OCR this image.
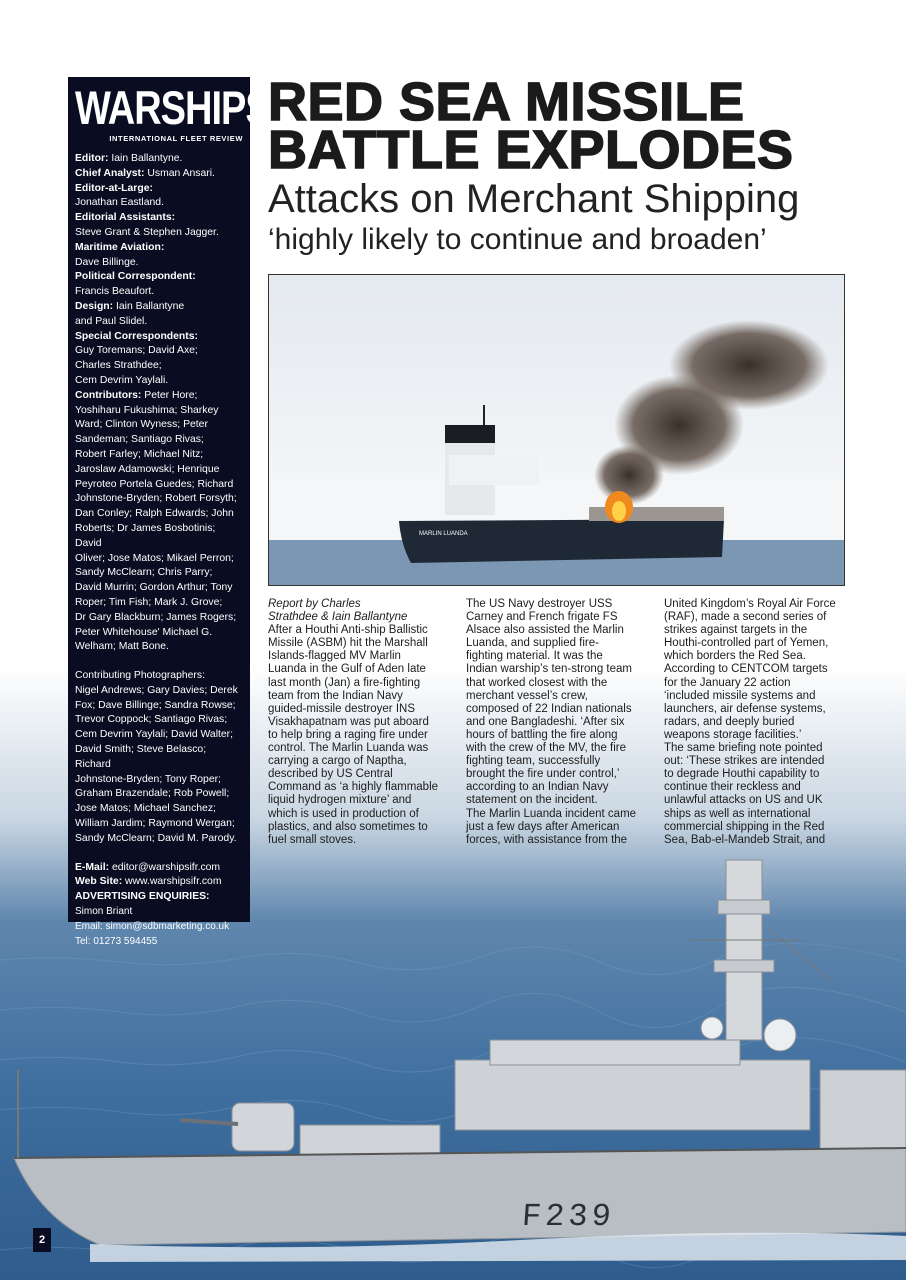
WARSHIPS
INTERNATIONAL FLEET REVIEW
Editor: Iain Ballantyne.
Chief Analyst: Usman Ansari.
Editor-at-Large:
Jonathan Eastland.
Editorial Assistants:
Steve Grant & Stephen Jagger.
Maritime Aviation:
Dave Billinge.
Political Correspondent:
Francis Beaufort.
Design: Iain Ballantyne
and Paul Slidel.
Special Correspondents:
Guy Toremans; David Axe;
Charles Strathdee;
Cem Devrim Yaylali.
Contributors: Peter Hore;
Yoshiharu Fukushima; Sharkey
Ward; Clinton Wyness; Peter
Sandeman; Santiago Rivas;
Robert Farley; Michael Nitz;
Jaroslaw Adamowski; Henrique
Peyroteo Portela Guedes; Richard
Johnstone-Bryden; Robert Forsyth;
Dan Conley; Ralph Edwards; John
Roberts; Dr James Bosbotinis; David
Oliver; Jose Matos; Mikael Perron;
Sandy McClearn; Chris Parry;
David Murrin; Gordon Arthur; Tony
Roper; Tim Fish; Mark J. Grove;
Dr Gary Blackburn; James Rogers;
Peter Whitehouse' Michael G.
Welham; Matt Bone.
Contributing Photographers:
Nigel Andrews; Gary Davies; Derek
Fox; Dave Billinge; Sandra Rowse;
Trevor Coppock; Santiago Rivas;
Cem Devrim Yaylali; David Walter;
David Smith; Steve Belasco; Richard
Johnstone-Bryden; Tony Roper;
Graham Brazendale; Rob Powell;
Jose Matos; Michael Sanchez;
William Jardim; Raymond Wergan;
Sandy McClearn; David M. Parody.
E-Mail: editor@warshipsifr.com
Web Site: www.warshipsifr.com
ADVERTISING ENQUIRIES:
Simon Briant
Email: simon@sdbmarketing.co.uk
Tel: 01273 594455
RED SEA MISSILE
BATTLE EXPLODES
Attacks on Merchant Shipping
‘highly likely to continue and broaden’
MARLIN LUANDA

Report by Charles

Strathdee & Iain Ballantyne

After a Houthi Anti-ship Ballistic
Missile (ASBM) hit the Marshall
Islands-flagged MV Marlin
Luanda in the Gulf of Aden late
last month (Jan) a fire-fighting
team from the Indian Navy
guided-missile destroyer INS
Visakhapatnam was put aboard
to help bring a raging fire under
control. The Marlin Luanda was
carrying a cargo of Naptha,
described by US Central
Command as ‘a highly flammable
liquid hydrogen mixture’ and
which is used in production of
plastics, and also sometimes to
fuel small stoves.
The US Navy destroyer USS
Carney and French frigate FS
Alsace also assisted the Marlin
Luanda, and supplied fire-
fighting material. It was the
Indian warship’s ten-strong team
that worked closest with the
merchant vessel’s crew,
composed of 22 Indian nationals
and one Bangladeshi. ‘After six
hours of battling the fire along
with the crew of the MV, the fire
fighting team, successfully
brought the fire under control,’
according to an Indian Navy
statement on the incident.
The Marlin Luanda incident came
just a few days after American
forces, with assistance from the
United Kingdom’s Royal Air Force
(RAF), made a second series of
strikes against targets in the
Houthi-controlled part of Yemen,
which borders the Red Sea.
According to CENTCOM targets
for the January 22 action
‘included missile systems and
launchers, air defense systems,
radars, and deeply buried
weapons storage facilities.’
The same briefing note pointed
out: ‘These strikes are intended
to degrade Houthi capability to
continue their reckless and
unlawful attacks on US and UK
ships as well as international
commercial shipping in the Red
Sea, Bab-el-Mandeb Strait, and
F239
2
